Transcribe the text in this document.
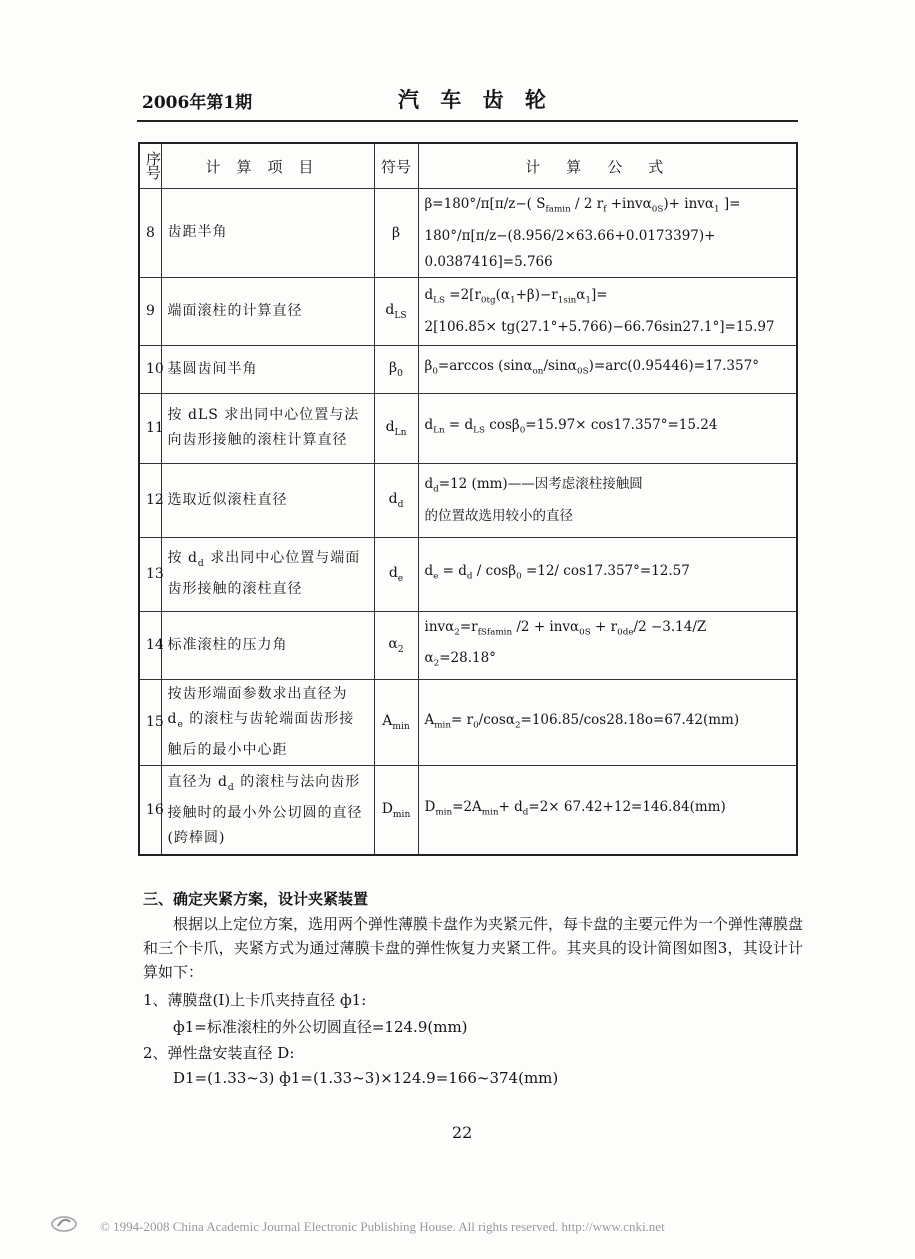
2006年第1期	汽 车 齿 轮
序号	计算项目	符号	计算公式
8	齿距半角	β	β=180°/π[π/z−( $S_{famin} / 2$ $r_f +inv\alpha_{0S})+ inv\alpha_1$ ]=
180°/π[π/z−(8.956/2×63.66+0.0173397)+
0.0387416]=5.766

9	端面滚柱的计算直径	$d_{LS}$	$d_{LS} =2[r_{0tg}(\alpha_1+\beta)-r_{1sin}\alpha_1]=$
2[106.85× tg(27.1°+5.766)−66.76sin27.1°]=15.97

10	基圆齿间半角	$\beta_0$	$\beta_0=\arccos$ (sinα$_{on}$/sinα$_{0S}$)=arc(0.95446)=17.357°

11	按 dLS 求出同中心位置与法向齿形接触的滚柱计算直径	$d_{Ln}$	$d_{Ln} = d_{LS}$ cosβ$_0$=15.97× cos17.357°=15.24

12	选取近似滚柱直径	$d_d$	$d_d=12$ (mm)——因考虑滚柱接触圆
的位置故选用较小的直径

13	按 $d_d$ 求出同中心位置与端面齿形接触的滚柱直径	$d_e$	$d_e = d_d / \cos\beta_0 =12/$ cos17.357°=12.57

14	标准滚柱的压力角	$\alpha_2$	$inv\alpha_2=r_{fSfamin}$ $/2 + inv\alpha_{0S} + r_{0de}/2 -3.14/Z$
$\alpha_2=28.18^\circ$

15	按齿形端面参数求出直径为 $d_e$ 的滚柱与齿轮端面齿形接触后的最小中心距	$A_{min}$	$A_{min}= r_0/\cos\alpha_2=106.85/\cos 28.18o=67.42(mm)$

16	直径为 $d_d$ 的滚柱与法向齿形接触时的最小外公切圆的直径(跨棒圆)	$D_{min}$	$D_{min}=2A_{min}+ d_d=2\times 67.42+12=146.84(mm)$
三、确定夹紧方案，设计夹紧装置
根据以上定位方案，选用两个弹性薄膜卡盘作为夹紧元件，每卡盘的主要元件为一个弹性薄膜盘和三个卡爪，夹紧方式为通过薄膜卡盘的弹性恢复力夹紧工件。其夹具的设计简图如图3，其设计计算如下：
1、薄膜盘(Ⅰ)上卡爪夹持直径 ф1:
ф1=标准滚柱的外公切圆直径=124.9(mm)
2、弹性盘安装直径 D:
D1=(1.33~3) ф1=(1.33~3)×124.9=166~374(mm)
22
© 1994-2008 China Academic Journal Electronic Publishing House. All rights reserved. http://www.cnki.net
